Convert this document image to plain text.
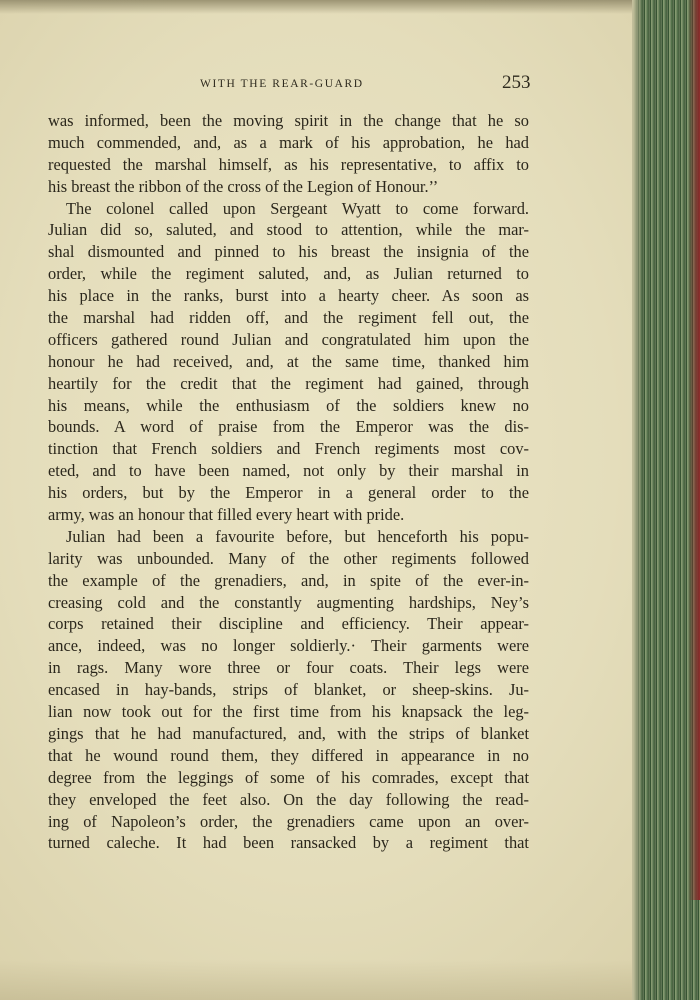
WITH THE REAR-GUARD	253
was informed, been the moving spirit in the change that he so
much commended, and, as a mark of his approbation, he had
requested the marshal himself, as his representative, to affix to
his breast the ribbon of the cross of the Legion of Honour.’’
The colonel called upon Sergeant Wyatt to come forward.
Julian did so, saluted, and stood to attention, while the mar-
shal dismounted and pinned to his breast the insignia of the
order, while the regiment saluted, and, as Julian returned to
his place in the ranks, burst into a hearty cheer. As soon as
the marshal had ridden off, and the regiment fell out, the
officers gathered round Julian and congratulated him upon the
honour he had received, and, at the same time, thanked him
heartily for the credit that the regiment had gained, through
his means, while the enthusiasm of the soldiers knew no
bounds. A word of praise from the Emperor was the dis-
tinction that French soldiers and French regiments most cov-
eted, and to have been named, not only by their marshal in
his orders, but by the Emperor in a general order to the
army, was an honour that filled every heart with pride.
Julian had been a favourite before, but henceforth his popu-
larity was unbounded. Many of the other regiments followed
the example of the grenadiers, and, in spite of the ever-in-
creasing cold and the constantly augmenting hardships, Ney’s
corps retained their discipline and efficiency. Their appear-
ance, indeed, was no longer soldierly.· Their garments were
in rags. Many wore three or four coats. Their legs were
encased in hay-bands, strips of blanket, or sheep-skins. Ju-
lian now took out for the first time from his knapsack the leg-
gings that he had manufactured, and, with the strips of blanket
that he wound round them, they differed in appearance in no
degree from the leggings of some of his comrades, except that
they enveloped the feet also. On the day following the read-
ing of Napoleon’s order, the grenadiers came upon an over-
turned caleche. It had been ransacked by a regiment that
